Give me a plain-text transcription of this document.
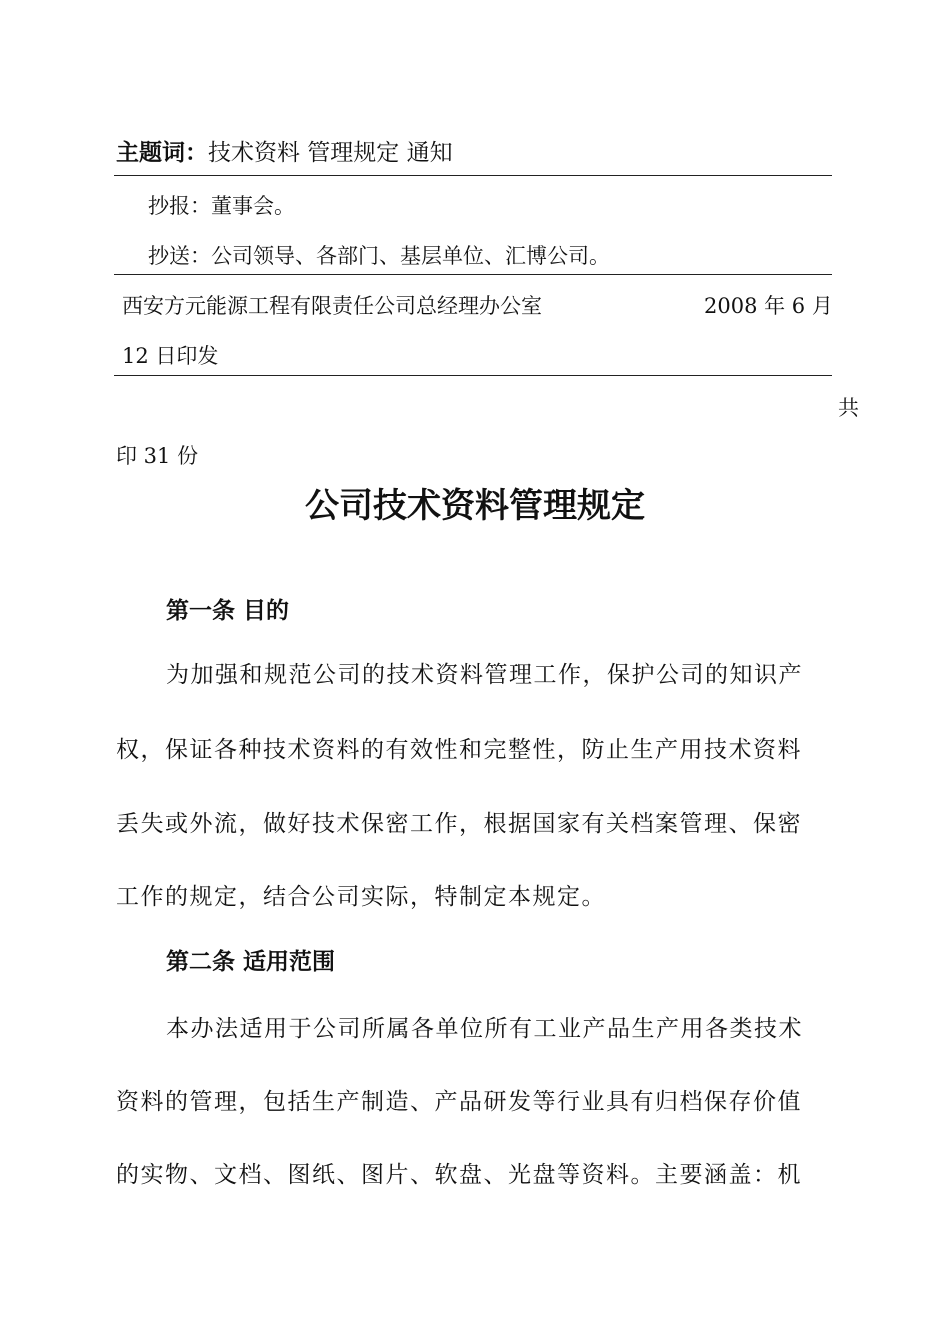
主题词：技术资料 管理规定 通知
抄报：董事会。
抄送：公司领导、各部门、基层单位、汇博公司。
西安方元能源工程有限责任公司总经理办公室	2008 年 6 月
12 日印发
共
印 31 份
公司技术资料管理规定
第一条 目的
为加强和规范公司的技术资料管理工作，保护公司的知识产
权，保证各种技术资料的有效性和完整性，防止生产用技术资料
丢失或外流，做好技术保密工作，根据国家有关档案管理、保密
工作的规定，结合公司实际，特制定本规定。
第二条 适用范围
本办法适用于公司所属各单位所有工业产品生产用各类技术
资料的管理，包括生产制造、产品研发等行业具有归档保存价值
的实物、文档、图纸、图片、软盘、光盘等资料。主要涵盖：机
